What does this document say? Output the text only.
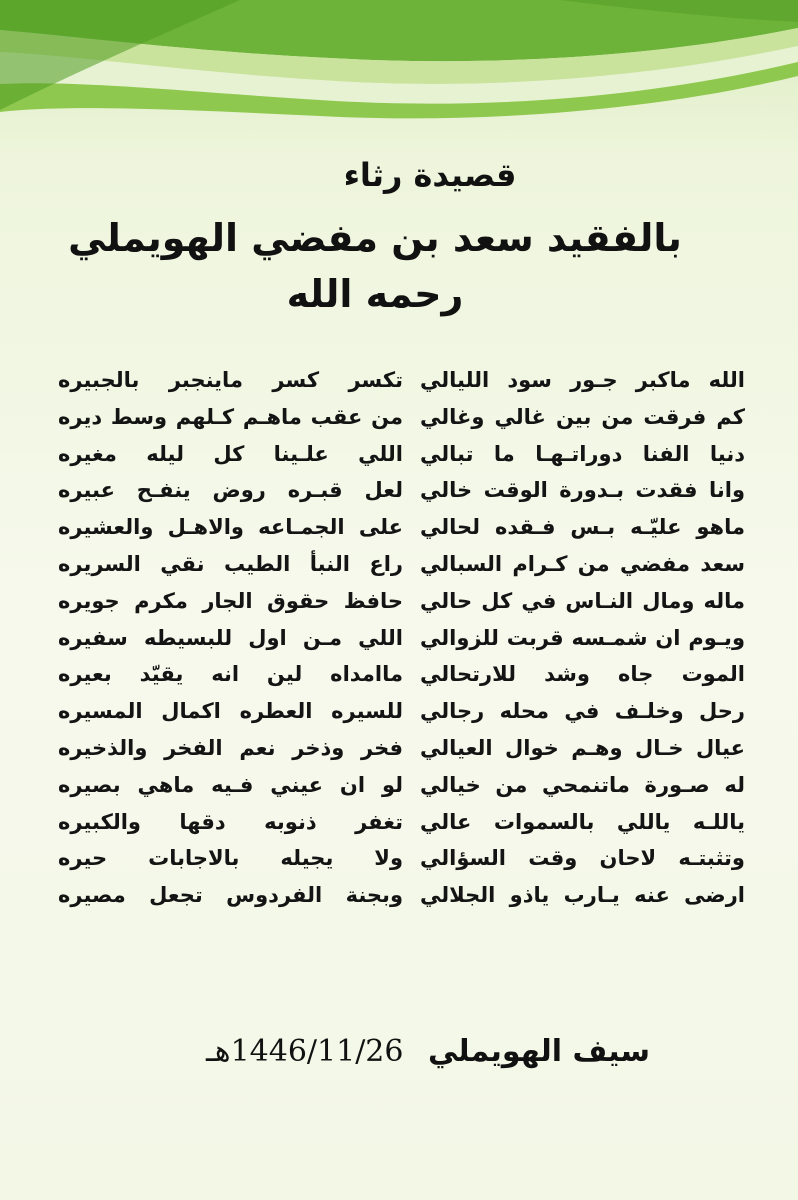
قصيدة رثاء
بالفقيد سعد بن مفضي الهويملي رحمه الله
الله ماكبر جـور سود الليالي
كم فرقت من بين غالي وغالي
دنيا الفنا دوراتـهـا ما تبالي
وانا فقدت بـدورة الوقت خالي
ماهو عليّـه بـس فـقده لحالي
سعد مفضي من كـرام السبالي
ماله ومال النـاس في كل حالي
ويـوم ان شمـسه قربت للزوالي
الموت جاه وشد للارتحالي
رحل وخلـف في محله رجالي
عيال خـال وهـم خوال العيالي
له صـورة ماتنمحي من خيالي
ياللـه ياللي بالسموات عالي
وتثبتـه لاحان وقت السؤالي
ارضى عنه يـارب ياذو الجلالي
تكسر كسر ماينجبر بالجبيره
من عقب ماهـم كـلهم وسط ديره
اللي علـينا كل ليله مغيره
لعل قبـره روض ينفـح عبيره
على الجمـاعه والاهـل والعشيره
راع النبأ الطيب نقي السريره
حافظ حقوق الجار مكرم جويره
اللي مـن اول للبسيطه سفيره
ماامداه لين انه يقيّد بعيره
للسيره العطره اكمال المسيره
فخر وذخر نعم الفخر والذخيره
لو ان عيني فـيه ماهي بصيره
تغفر ذنوبه دقها والكبيره
ولا يجيله بالاجابات حيره
وبجنة الفردوس تجعل مصيره
سيف الهويملي 1446/11/26هـ
